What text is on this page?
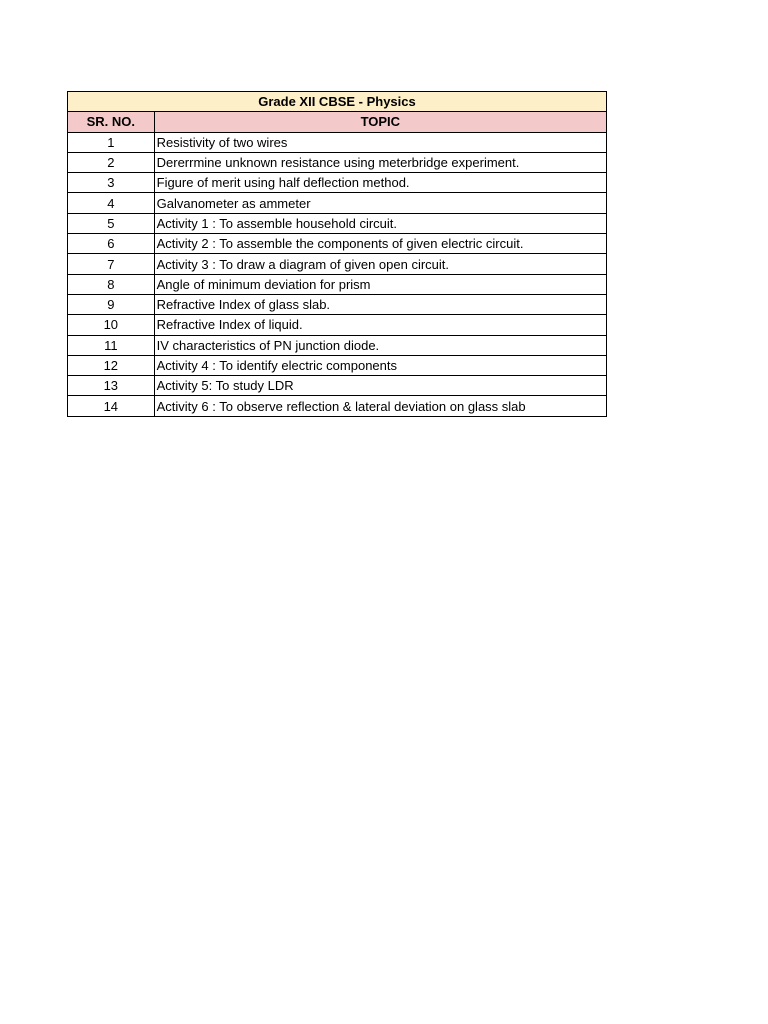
Grade XII CBSE - Physics	
SR. NO.	TOPIC
1	Resistivity of two wires
2	Dererrmine unknown resistance using meterbridge experiment.
3	Figure of merit using half deflection method.
4	Galvanometer as ammeter
5	Activity 1 : To assemble household circuit.
6	Activity 2 : To assemble the components of given electric circuit.
7	Activity 3 : To draw a diagram of given open circuit.
8	Angle of minimum deviation for prism
9	Refractive Index of glass slab.
10	Refractive Index of liquid.
11	IV characteristics of PN junction diode.
12	Activity 4 : To identify electric components
13	Activity 5: To study LDR
14	Activity 6 : To observe reflection & lateral deviation on glass slab
